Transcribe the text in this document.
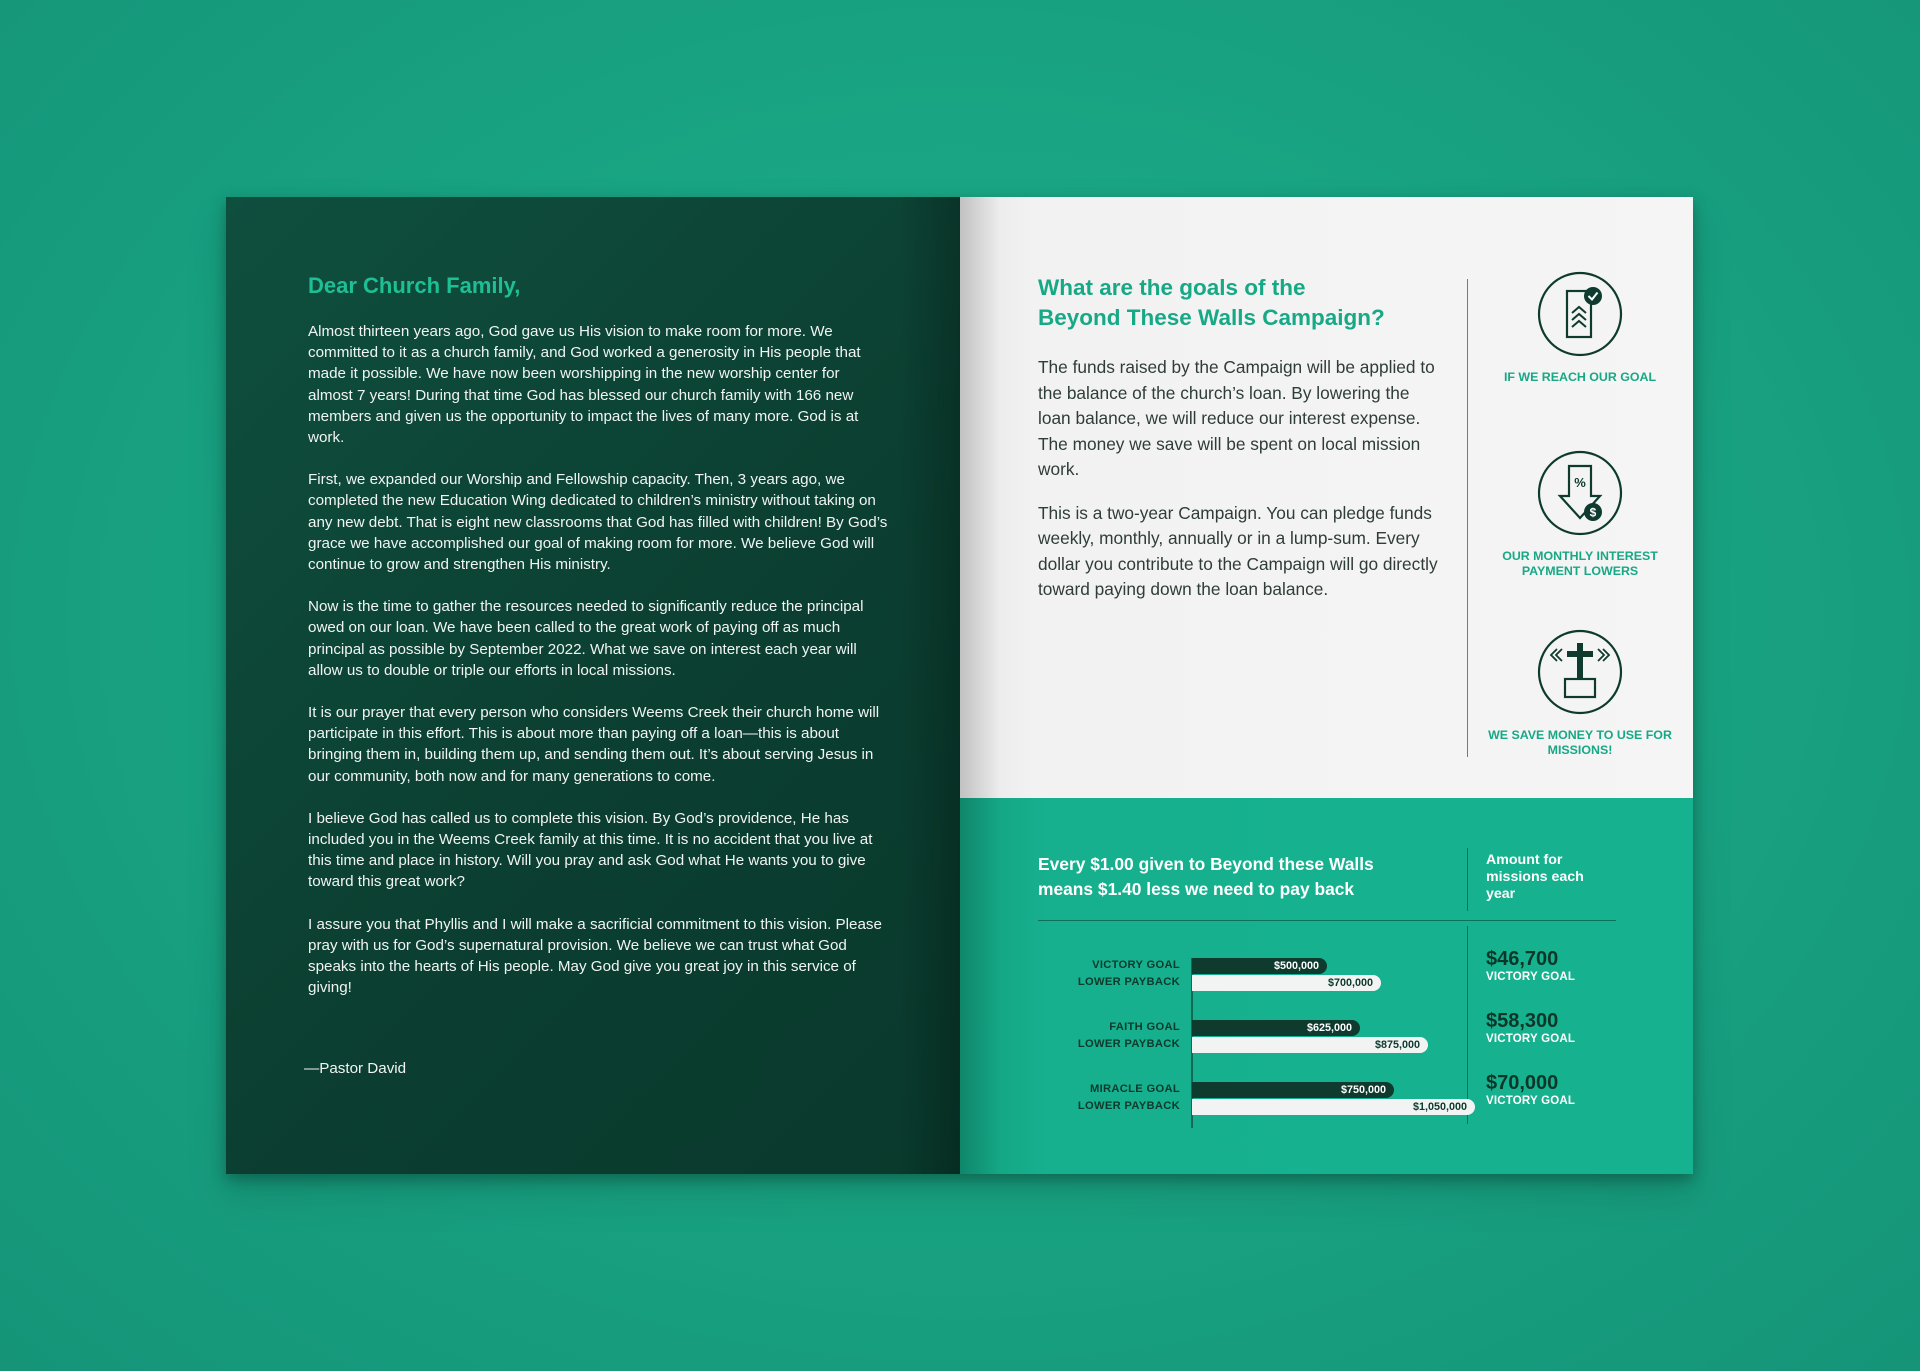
Dear Church Family,

Almost thirteen years ago, God gave us His vision to make room for more. We committed to it as a church family, and God worked a generosity in His people that made it possible. We have now been worshipping in the new worship center for almost 7 years! During that time God has blessed our church family with 166 new members and given us the opportunity to impact the lives of many more. God is at work.

First, we expanded our Worship and Fellowship capacity. Then, 3 years ago, we completed the new Education Wing dedicated to children’s ministry without taking on any new debt. That is eight new classrooms that God has filled with children! By God’s grace we have accomplished our goal of making room for more. We believe God will continue to grow and strengthen His ministry.

Now is the time to gather the resources needed to significantly reduce the principal owed on our loan. We have been called to the great work of paying off as much principal as possible by September 2022. What we save on interest each year will allow us to double or triple our efforts in local missions.

It is our prayer that every person who considers Weems Creek their church home will participate in this effort. This is about more than paying off a loan—this is about bringing them in, building them up, and sending them out. It’s about serving Jesus in our community, both now and for many generations to come.

I believe God has called us to complete this vision. By God’s providence, He has included you in the Weems Creek family at this time. It is no accident that you live at this time and place in history. Will you pray and ask God what He wants you to give toward this great work?

I assure you that Phyllis and I will make a sacrificial commitment to this vision. Please pray with us for God’s supernatural provision. We believe we can trust what God speaks into the hearts of His people. May God give you great joy in this service of giving!

—Pastor David
What are the goals of the
Beyond These Walls Campaign?

The funds raised by the Campaign will be applied to the balance of the church’s loan. By lowering the loan balance, we will reduce our interest expense. The money we save will be spent on local mission work.

This is a two-year Campaign. You can pledge funds weekly, monthly, annually or in a lump-sum. Every dollar you contribute to the Campaign will go directly toward paying down the loan balance.

IF WE REACH OUR GOAL
%
$
OUR MONTHLY INTEREST PAYMENT LOWERS
WE SAVE MONEY TO USE FOR MISSIONS!
Every $1.00 given to Beyond these Walls
means $1.40 less we need to pay back
Amount for missions each year
VICTORY GOAL
LOWER PAYBACK
$500,000
$700,000
FAITH GOAL
LOWER PAYBACK
$625,000
$875,000
MIRACLE GOAL
LOWER PAYBACK
$750,000
$1,050,000
$46,700
VICTORY GOAL
$58,300
VICTORY GOAL
$70,000
VICTORY GOAL
